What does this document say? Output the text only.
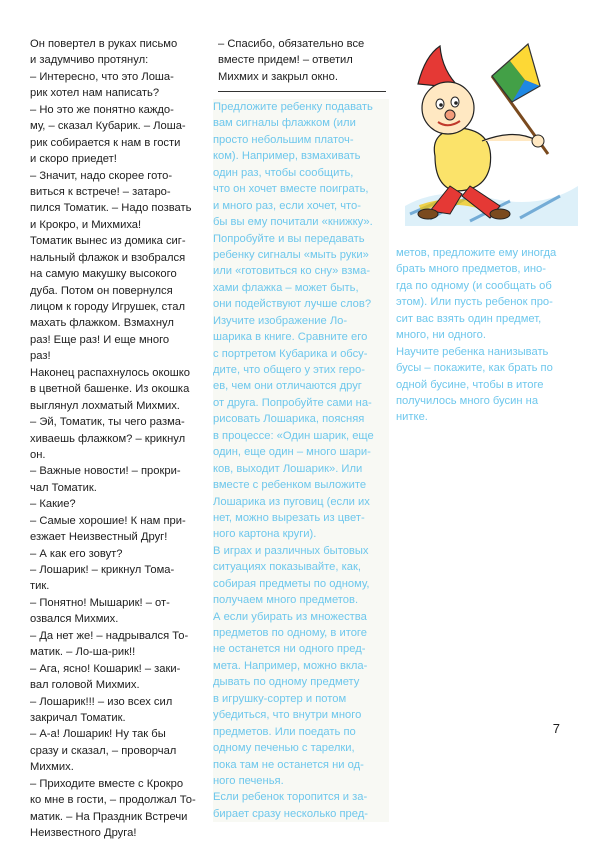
Он повертел в руках письмо
и задумчиво протянул:
– Интересно, что это Лоша-
рик хотел нам написать?
– Но это же понятно каждо-
му, – сказал Кубарик. – Лоша-
рик собирается к нам в гости
и скоро приедет!
– Значит, надо скорее гото-
виться к встрече! – затаро-
пился Томатик. – Надо позвать
и Крокро, и Михмиха!
Томатик вынес из домика сиг-
нальный флажок и взобрался
на самую макушку высокого
дуба. Потом он повернулся
лицом к городу Игрушек, стал
махать флажком. Взмахнул
раз! Еще раз! И еще много
раз!
Наконец распахнулось окошко
в цветной башенке. Из окошка
выглянул лохматый Михмих.
– Эй, Томатик, ты чего разма-
хиваешь флажком? – крикнул
он.
– Важные новости! – прокри-
чал Томатик.
– Какие?
– Самые хорошие! К нам при-
езжает Неизвестный Друг!
– А как его зовут?
– Лошарик! – крикнул Тома-
тик.
– Понятно! Мышарик! – от-
озвался Михмих.
– Да нет же! – надрывался То-
матик. – Ло-ша-рик!!
– Ага, ясно! Кошарик! – заки-
вал головой Михмих.
– Лошарик!!! – изо всех сил
закричал Томатик.
– А-а! Лошарик! Ну так бы
сразу и сказал, – проворчал
Михмих.
– Приходите вместе с Крокро
ко мне в гости, – продолжал То-
матик. – На Праздник Встречи
Неизвестного Друга!
– Спасибо, обязательно все
вместе придем! – ответил
Михмих и закрыл окно.
Предложите ребенку подавать
вам сигналы флажком (или
просто небольшим платоч-
ком). Например, взмахивать
один раз, чтобы сообщить,
что он хочет вместе поиграть,
и много раз, если хочет, что-
бы вы ему почитали «книжку».
Попробуйте и вы передавать
ребенку сигналы «мыть руки»
или «готовиться ко сну» взма-
хами флажка – может быть,
они подействуют лучше слов?
Изучите изображение Ло-
шарика в книге. Сравните его
с портретом Кубарика и обсу-
дите, что общего у этих геро-
ев, чем они отличаются друг
от друга. Попробуйте сами на-
рисовать Лошарика, поясняя
в процессе: «Один шарик, еще
один, еще один – много шари-
ков, выходит Лошарик». Или
вместе с ребенком выложите
Лошарика из пуговиц (если их
нет, можно вырезать из цвет-
ного картона круги).
В играх и различных бытовых
ситуациях показывайте, как,
собирая предметы по одному,
получаем много предметов.
А если убирать из множества
предметов по одному, в итоге
не останется ни одного пред-
мета. Например, можно вкла-
дывать по одному предмету
в игрушку-сортер и потом
убедиться, что внутри много
предметов. Или поедать по
одному печенью с тарелки,
пока там не останется ни од-
ного печенья.
Если ребенок торопится и за-
бирает сразу несколько пред-
метов, предложите ему иногда
брать много предметов, ино-
гда по одному (и сообщать об
этом). Или пусть ребенок про-
сит вас взять один предмет,
много, ни одного.
Научите ребенка нанизывать
бусы – покажите, как брать по
одной бусине, чтобы в итоге
получилось много бусин на
нитке.
7
